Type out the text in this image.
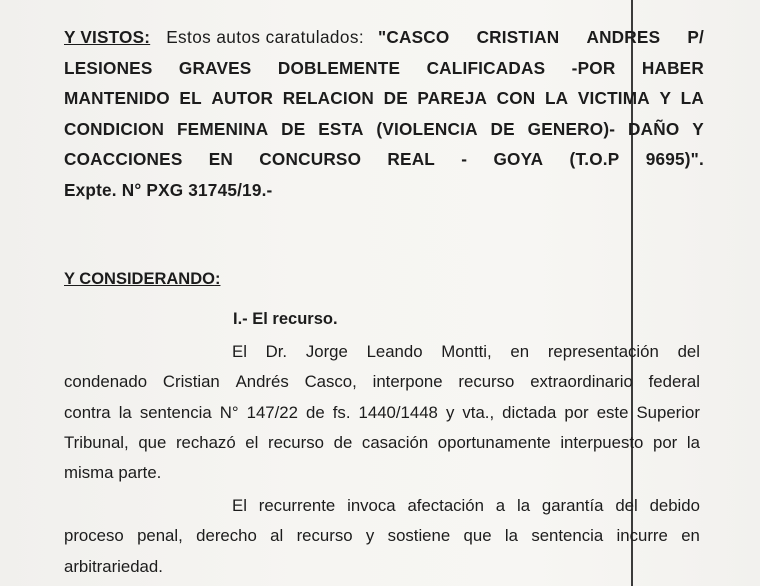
Y VISTOS: Estos autos caratulados: "CASCO CRISTIAN ANDRES P/
LESIONES GRAVES DOBLEMENTE CALIFICADAS -POR HABER
MANTENIDO EL AUTOR RELACION DE PAREJA CON LA VICTIMA Y LA
CONDICION FEMENINA DE ESTA (VIOLENCIA DE GENERO)- DAÑO Y
COACCIONES EN CONCURSO REAL - GOYA (T.O.P 9695)".
Expte. N° PXG 31745/19.-
Y CONSIDERANDO:
I.- El recurso.
El Dr. Jorge Leando Montti, en representación del
condenado Cristian Andrés Casco, interpone recurso extraordinario federal
contra la sentencia N° 147/22 de fs. 1440/1448 y vta., dictada por este Superior
Tribunal, que rechazó el recurso de casación oportunamente interpuesto por la
misma parte.
El recurrente invoca afectación a la garantía del debido
proceso penal, derecho al recurso y sostiene que la sentencia incurre en
arbitrariedad.
